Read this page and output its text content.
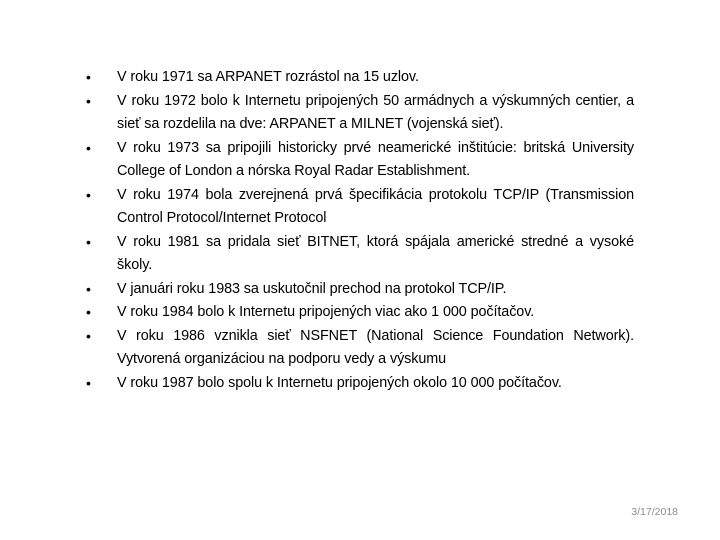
• V roku 1971 sa ARPANET rozrástol na 15 uzlov.
• V roku 1972 bolo k Internetu pripojených 50 armádnych a výskumných centier, a sieť sa rozdelila na dve: ARPANET a MILNET (vojenská sieť).
• V roku 1973 sa pripojili historicky prvé neamerické inštitúcie: britská University College of London a nórska Royal Radar Establishment.
• V roku 1974 bola zverejnená prvá špecifikácia protokolu TCP/IP (Transmission Control Protocol/Internet Protocol
• V roku 1981 sa pridala sieť BITNET, ktorá spájala americké stredné a vysoké školy.
• V januári roku 1983 sa uskutočnil prechod na protokol TCP/IP.
• V roku 1984 bolo k Internetu pripojených viac ako 1 000 počítačov.
• V roku 1986 vznikla sieť NSFNET (National Science Foundation Network). Vytvorená organizáciou na podporu vedy a výskumu
• V roku 1987 bolo spolu k Internetu pripojených okolo 10 000 počítačov.
3/17/2018
